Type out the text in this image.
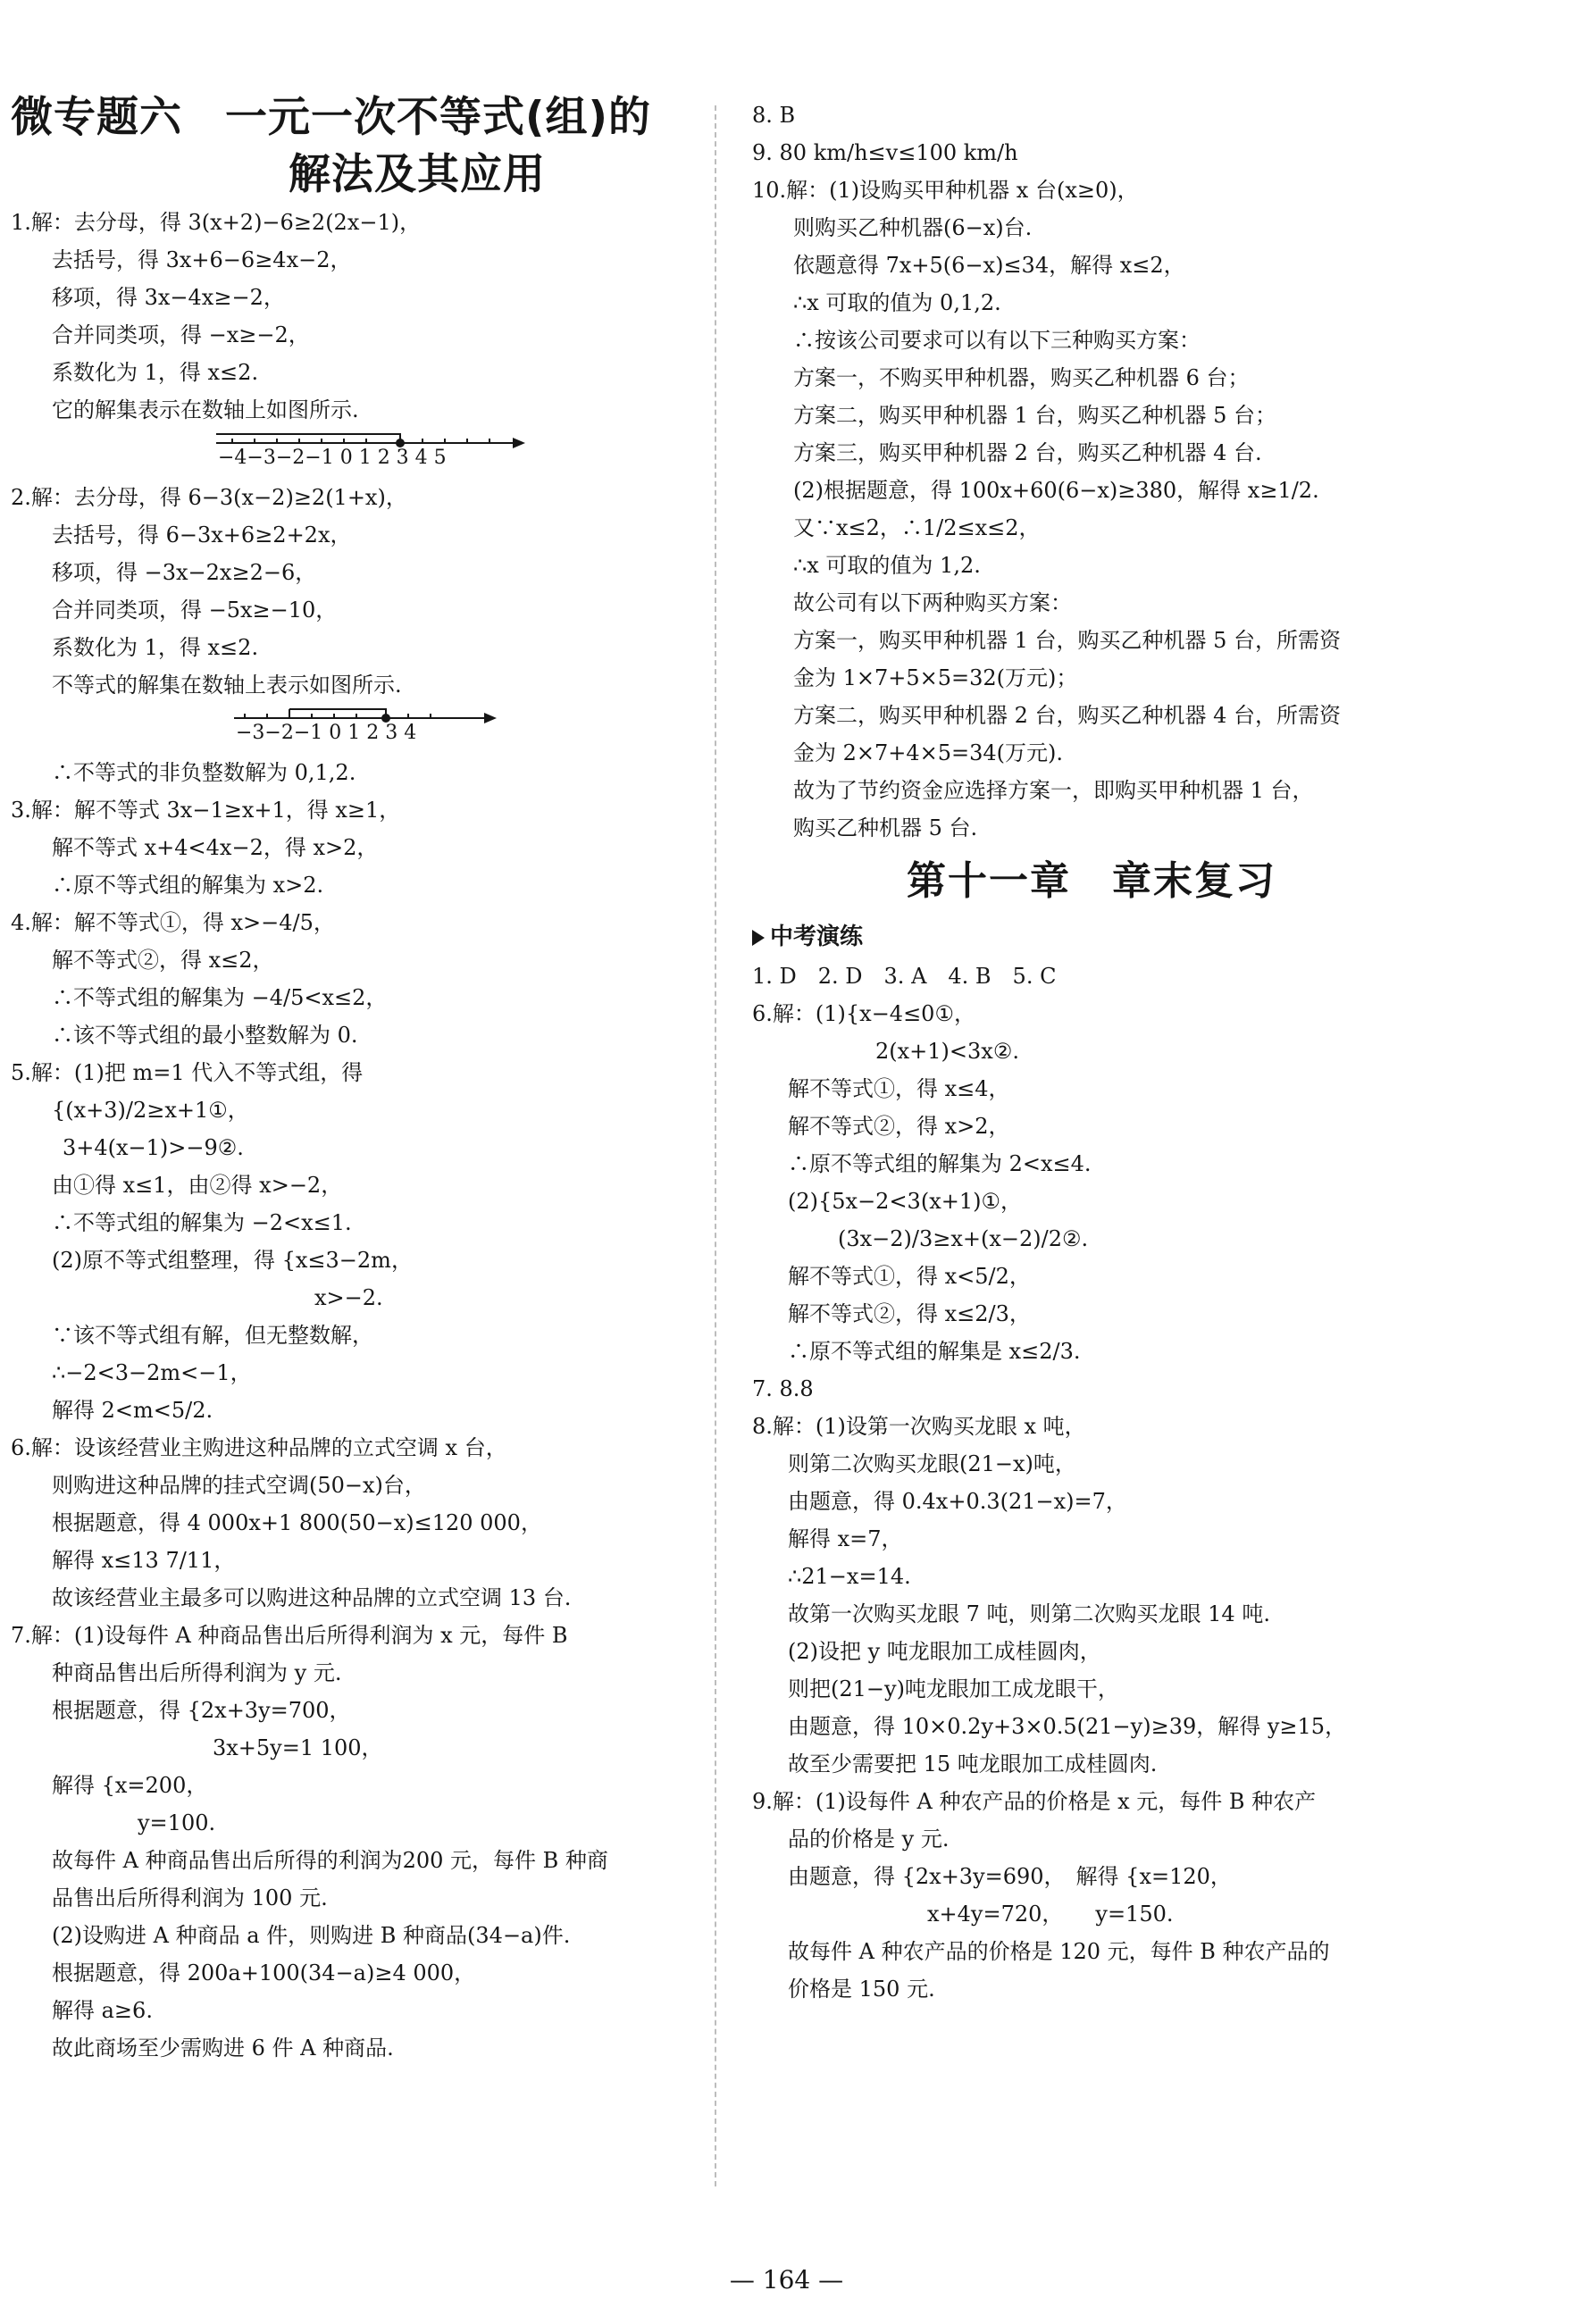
微专题六　一元一次不等式(组)的
解法及其应用
1.解：去分母，得 3(x+2)−6≥2(2x−1)，
去括号，得 3x+6−6≥4x−2，
移项，得 3x−4x≥−2，
合并同类项，得 −x≥−2，
系数化为 1，得 x≤2.
它的解集表示在数轴上如图所示.
−4−3−2−1 0 1 2 3 4 5
2.解：去分母，得 6−3(x−2)≥2(1+x)，
去括号，得 6−3x+6≥2+2x，
移项，得 −3x−2x≥2−6，
合并同类项，得 −5x≥−10，
系数化为 1，得 x≤2.
不等式的解集在数轴上表示如图所示.
−3−2−1 0 1 2 3 4
∴不等式的非负整数解为 0,1,2.
3.解：解不等式 3x−1≥x+1，得 x≥1，
解不等式 x+4<4x−2，得 x>2，
∴原不等式组的解集为 x>2.
4.解：解不等式①，得 x>−4/5，
解不等式②，得 x≤2，
∴不等式组的解集为 −4/5<x≤2，
∴该不等式组的最小整数解为 0.
5.解：(1)把 m=1 代入不等式组，得
{(x+3)/2≥x+1①，
3+4(x−1)>−9②.
由①得 x≤1，由②得 x>−2，
∴不等式组的解集为 −2<x≤1.
(2)原不等式组整理，得 {x≤3−2m，
x>−2.
∵该不等式组有解，但无整数解，
∴−2<3−2m<−1，
解得 2<m<5/2.
6.解：设该经营业主购进这种品牌的立式空调 x 台，
则购进这种品牌的挂式空调(50−x)台，
根据题意，得 4 000x+1 800(50−x)≤120 000，
解得 x≤13 7/11，
故该经营业主最多可以购进这种品牌的立式空调 13 台.
7.解：(1)设每件 A 种商品售出后所得利润为 x 元，每件 B
种商品售出后所得利润为 y 元.
根据题意，得 {2x+3y=700，
3x+5y=1 100，
解得 {x=200，
y=100.
故每件 A 种商品售出后所得的利润为200 元，每件 B 种商
品售出后所得利润为 100 元.
(2)设购进 A 种商品 a 件，则购进 B 种商品(34−a)件.
根据题意，得 200a+100(34−a)≥4 000，
解得 a≥6.
故此商场至少需购进 6 件 A 种商品.
8. B
9. 80 km/h≤v≤100 km/h
10.解：(1)设购买甲种机器 x 台(x≥0)，
则购买乙种机器(6−x)台.
依题意得 7x+5(6−x)≤34，解得 x≤2，
∴x 可取的值为 0,1,2.
∴按该公司要求可以有以下三种购买方案：
方案一，不购买甲种机器，购买乙种机器 6 台；
方案二，购买甲种机器 1 台，购买乙种机器 5 台；
方案三，购买甲种机器 2 台，购买乙种机器 4 台.
(2)根据题意，得 100x+60(6−x)≥380，解得 x≥1/2.
又∵x≤2，∴1/2≤x≤2，
∴x 可取的值为 1,2.
故公司有以下两种购买方案：
方案一，购买甲种机器 1 台，购买乙种机器 5 台，所需资
金为 1×7+5×5=32(万元)；
方案二，购买甲种机器 2 台，购买乙种机器 4 台，所需资
金为 2×7+4×5=34(万元).
故为了节约资金应选择方案一，即购买甲种机器 1 台，
购买乙种机器 5 台.
第十一章　章末复习
中考演练
1. D　2. D　3. A　4. B　5. C
6.解：(1){x−4≤0①，
2(x+1)<3x②.
解不等式①，得 x≤4，
解不等式②，得 x>2，
∴原不等式组的解集为 2<x≤4.
(2){5x−2<3(x+1)①，
(3x−2)/3≥x+(x−2)/2②.
解不等式①，得 x<5/2，
解不等式②，得 x≤2/3，
∴原不等式组的解集是 x≤2/3.
7. 8.8
8.解：(1)设第一次购买龙眼 x 吨，
则第二次购买龙眼(21−x)吨，
由题意，得 0.4x+0.3(21−x)=7，
解得 x=7，
∴21−x=14.
故第一次购买龙眼 7 吨，则第二次购买龙眼 14 吨.
(2)设把 y 吨龙眼加工成桂圆肉，
则把(21−y)吨龙眼加工成龙眼干，
由题意，得 10×0.2y+3×0.5(21−y)≥39，解得 y≥15，
故至少需要把 15 吨龙眼加工成桂圆肉.
9.解：(1)设每件 A 种农产品的价格是 x 元，每件 B 种农产
品的价格是 y 元.
由题意，得 {2x+3y=690，　解得 {x=120，
x+4y=720，　　y=150.
故每件 A 种农产品的价格是 120 元，每件 B 种农产品的
价格是 150 元.
— 164 —
